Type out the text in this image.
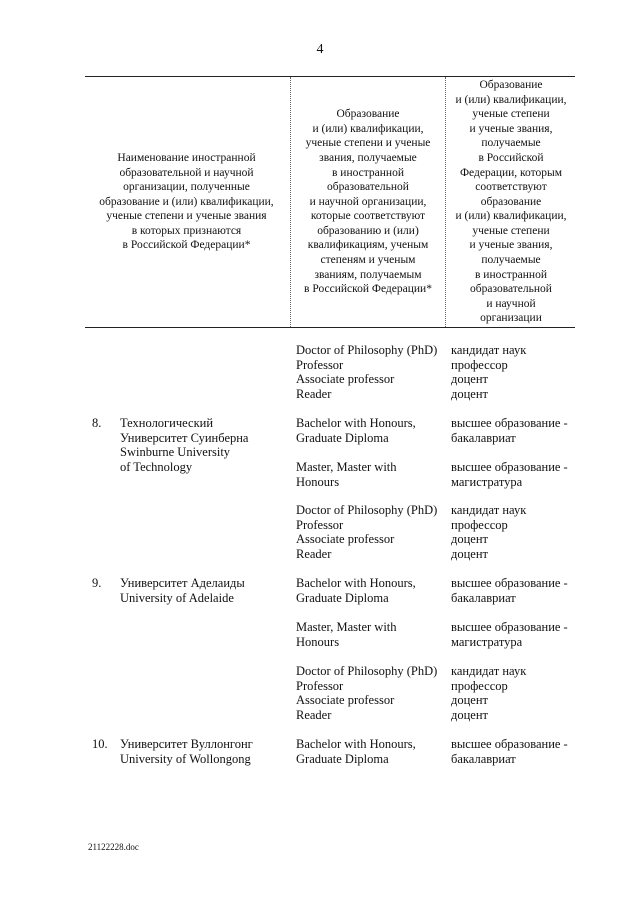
4
Наименование иностранной
образовательной и научной
организации, полученные
образование и (или) квалификации,
ученые степени и ученые звания
в которых признаются
в Российской Федерации*
Образование
и (или) квалификации,
ученые степени и ученые
звания, получаемые
в иностранной
образовательной
и научной организации,
которые соответствуют
образованию и (или)
квалификациям, ученым
степеням и ученым
званиям, получаемым
в Российской Федерации*
Образование
и (или) квалификации,
ученые степени
и ученые звания,
получаемые
в Российской
Федерации, которым
соответствуют
образование
и (или) квалификации,
ученые степени
и ученые звания,
получаемые
в иностранной
образовательной
и научной
организации
Doctor of Philosophy (PhD)
Professor
Associate professor
Reader
кандидат наук
профессор
доцент
доцент
8. Технологический
Университет Суинберна
Swinburne University
of Technology
Bachelor with Honours,
Graduate Diploma
высшее образование -
бакалавриат
Master, Master with
Honours
высшее образование -
магистратура
Doctor of Philosophy (PhD)
Professor
Associate professor
Reader
кандидат наук
профессор
доцент
доцент
9. Университет Аделаиды
University of Adelaide
Bachelor with Honours,
Graduate Diploma
высшее образование -
бакалавриат
Master, Master with
Honours
высшее образование -
магистратура
Doctor of Philosophy (PhD)
Professor
Associate professor
Reader
кандидат наук
профессор
доцент
доцент
10. Университет Вуллонгонг
University of Wollongong
Bachelor with Honours,
Graduate Diploma
высшее образование -
бакалавриат
21122228.doc
